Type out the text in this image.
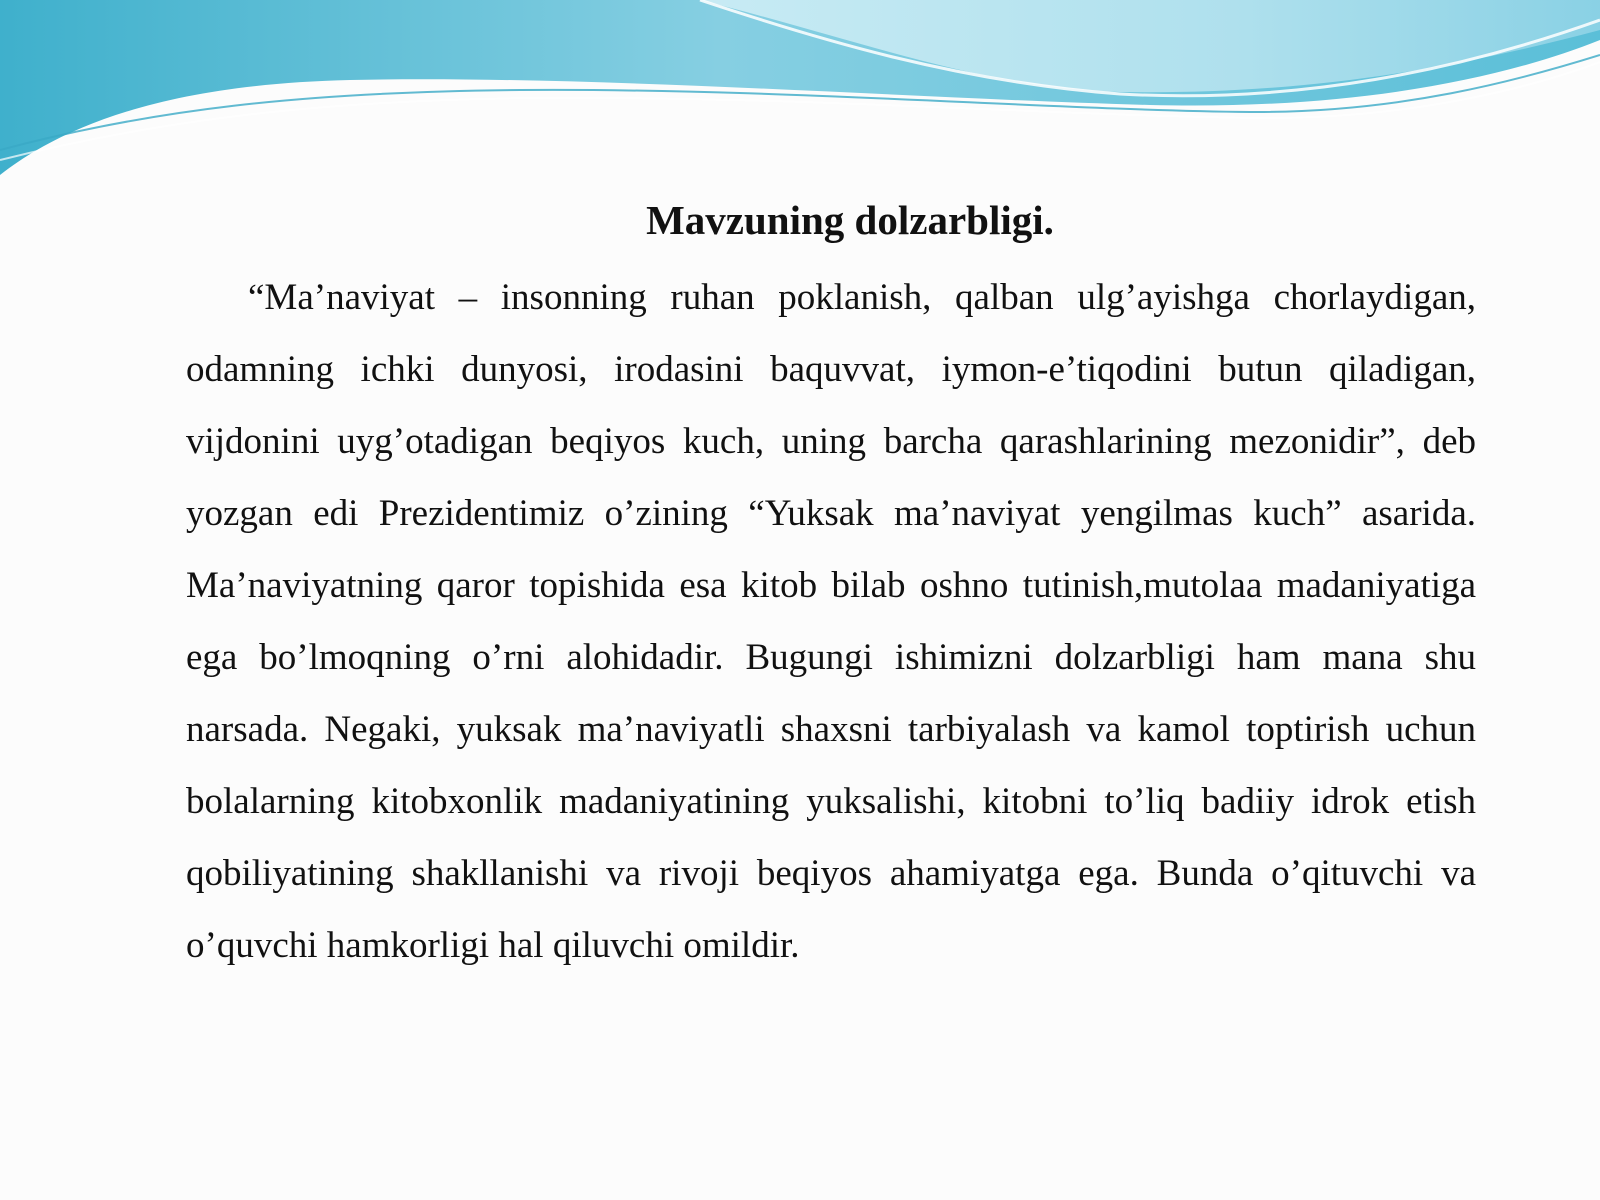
Mavzuning dolzarbligi.

“Ma’naviyat – insonning ruhan poklanish, qalban ulg’ayishga chorlaydigan, odamning ichki dunyosi, irodasini baquvvat, iymon-e’tiqodini butun qiladigan, vijdonini uyg’otadigan beqiyos kuch, uning barcha qarashlarining mezonidir”, deb yozgan edi Prezidentimiz o’zining “Yuksak ma’naviyat yengilmas kuch” asarida. Ma’naviyatning qaror topishida esa kitob bilab oshno tutinish,mutolaa madaniyatiga ega bo’lmoqning o’rni alohidadir. Bugungi ishimizni dolzarbligi ham mana shu narsada. Negaki, yuksak ma’naviyatli shaxsni tarbiyalash va kamol toptirish uchun bolalarning kitobxonlik madaniyatining yuksalishi, kitobni to’liq badiiy idrok etish qobiliyatining shakllanishi va rivoji beqiyos ahamiyatga ega. Bunda o’qituvchi va o’quvchi hamkorligi hal qiluvchi omildir.
